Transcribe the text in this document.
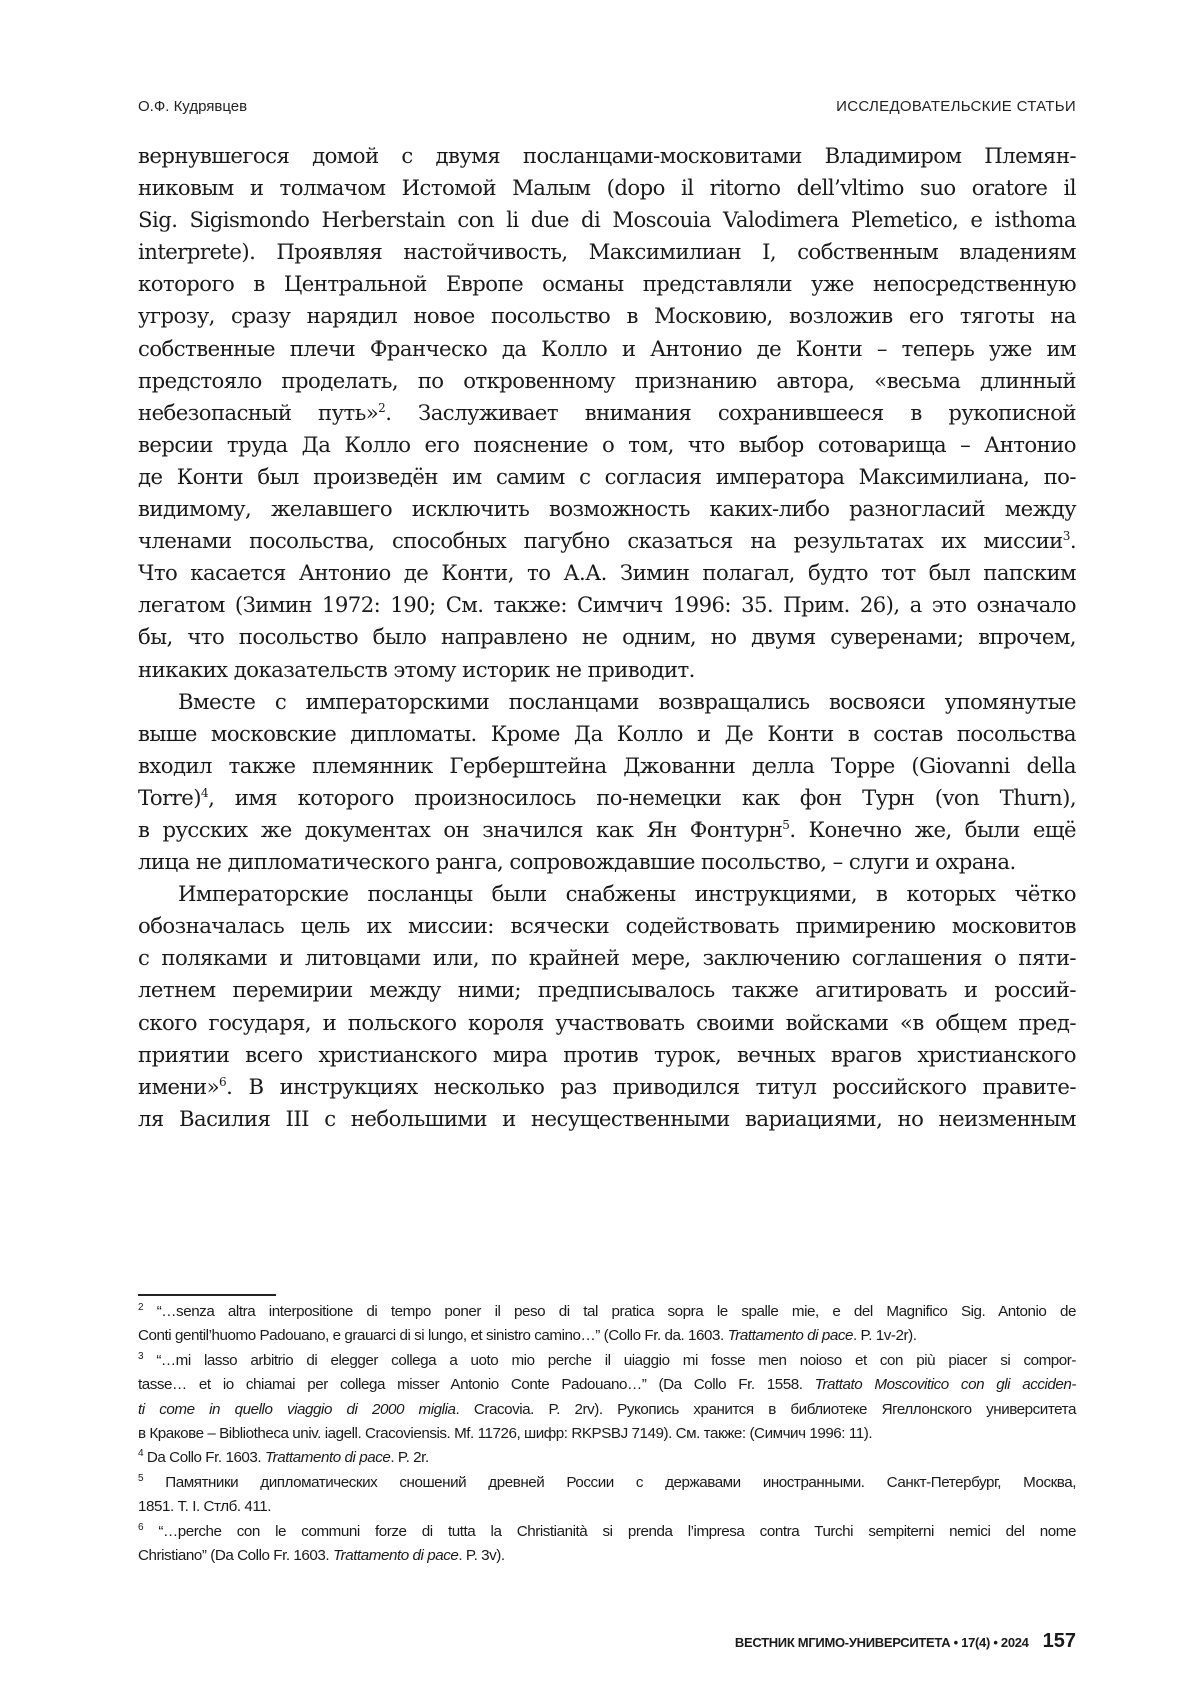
О.Ф. Кудрявцев	ИССЛЕДОВАТЕЛЬСКИЕ СТАТЬИ
вернувшегося домой с двумя посланцами-московитами Владимиром Племян-
никовым и толмачом Истомой Малым (dopo il ritorno dell’vltimo suo oratore il
Sig. Sigismondo Herberstain con li due di Moscouia Valodimera Plemetico, e isthoma
interprete). Проявляя настойчивость, Максимилиан I, собственным владениям
которого в Центральной Европе османы представляли уже непосредственную
угрозу, сразу нарядил новое посольство в Московию, возложив его тяготы на
собственные плечи Франческо да Колло и Антонио де Конти – теперь уже им
предстояло проделать, по откровенному признанию автора, «весьма длинный
небезопасный путь»2. Заслуживает внимания сохранившееся в рукописной
версии труда Да Колло его пояснение о том, что выбор сотоварища – Антонио
де Конти был произведён им самим с согласия императора Максимилиана, по-
видимому, желавшего исключить возможность каких-либо разногласий между
членами посольства, способных пагубно сказаться на результатах их миссии3.
Что касается Антонио де Конти, то А.А. Зимин полагал, будто тот был папским
легатом (Зимин 1972: 190; См. также: Симчич 1996: 35. Прим. 26), а это означало
бы, что посольство было направлено не одним, но двумя суверенами; впрочем,
никаких доказательств этому историк не приводит.
Вместе с императорскими посланцами возвращались восвояси упомянутые
выше московские дипломаты. Кроме Да Колло и Де Конти в состав посольства
входил также племянник Герберштейна Джованни делла Торре (Giovanni della
Torre)4, имя которого произносилось по-немецки как фон Турн (von Thurn),
в русских же документах он значился как Ян Фонтурн5. Конечно же, были ещё
лица не дипломатического ранга, сопровождавшие посольство, – слуги и охрана.
Императорские посланцы были снабжены инструкциями, в которых чётко
обозначалась цель их миссии: всячески содействовать примирению московитов
с поляками и литовцами или, по крайней мере, заключению соглашения о пяти-
летнем перемирии между ними; предписывалось также агитировать и россий-
ского государя, и польского короля участвовать своими войсками «в общем пред-
приятии всего христианского мира против турок, вечных врагов христианского
имени»6. В инструкциях несколько раз приводился титул российского правите-
ля Василия III с небольшими и несущественными вариациями, но неизменным
2 “…senza altra interpositione di tempo poner il peso di tal pratica sopra le spalle mie, e del Magnifico Sig. Antonio de
Conti gentil’huomo Padouano, e grauarci di si lungo, et sinistro camino…” (Collo Fr. da. 1603. Trattamento di pace. P. 1v-2r).
3 “…mi lasso arbitrio di elegger collega a uoto mio perche il uiaggio mi fosse men noioso et con più piacer si compor-
tasse… et io chiamai per collega misser Antonio Conte Padouano…” (Da Collo Fr. 1558. Trattato Moscovitico con gli acciden-
ti come in quello viaggio di 2000 miglia. Cracovia. P. 2rv). Рукопись хранится в библиотеке Ягеллонского университета
в Кракове – Bibliotheca univ. iagell. Cracoviensis. Mf. 11726, шифр: RKPSBJ 7149). См. также: (Симчич 1996: 11).
4 Da Collo Fr. 1603. Trattamento di pace. P. 2r.
5 Памятники дипломатических сношений древней России с державами иностранными. Санкт-Петербург, Москва,
1851. Т. I. Стлб. 411.
6 “…perche con le communi forze di tutta la Christianità si prenda l’impresa contra Turchi sempiterni nemici del nome
Christiano” (Da Collo Fr. 1603. Trattamento di pace. P. 3v).
ВЕСТНИК МГИМО-УНИВЕРСИТЕТА • 17(4) • 2024 157
